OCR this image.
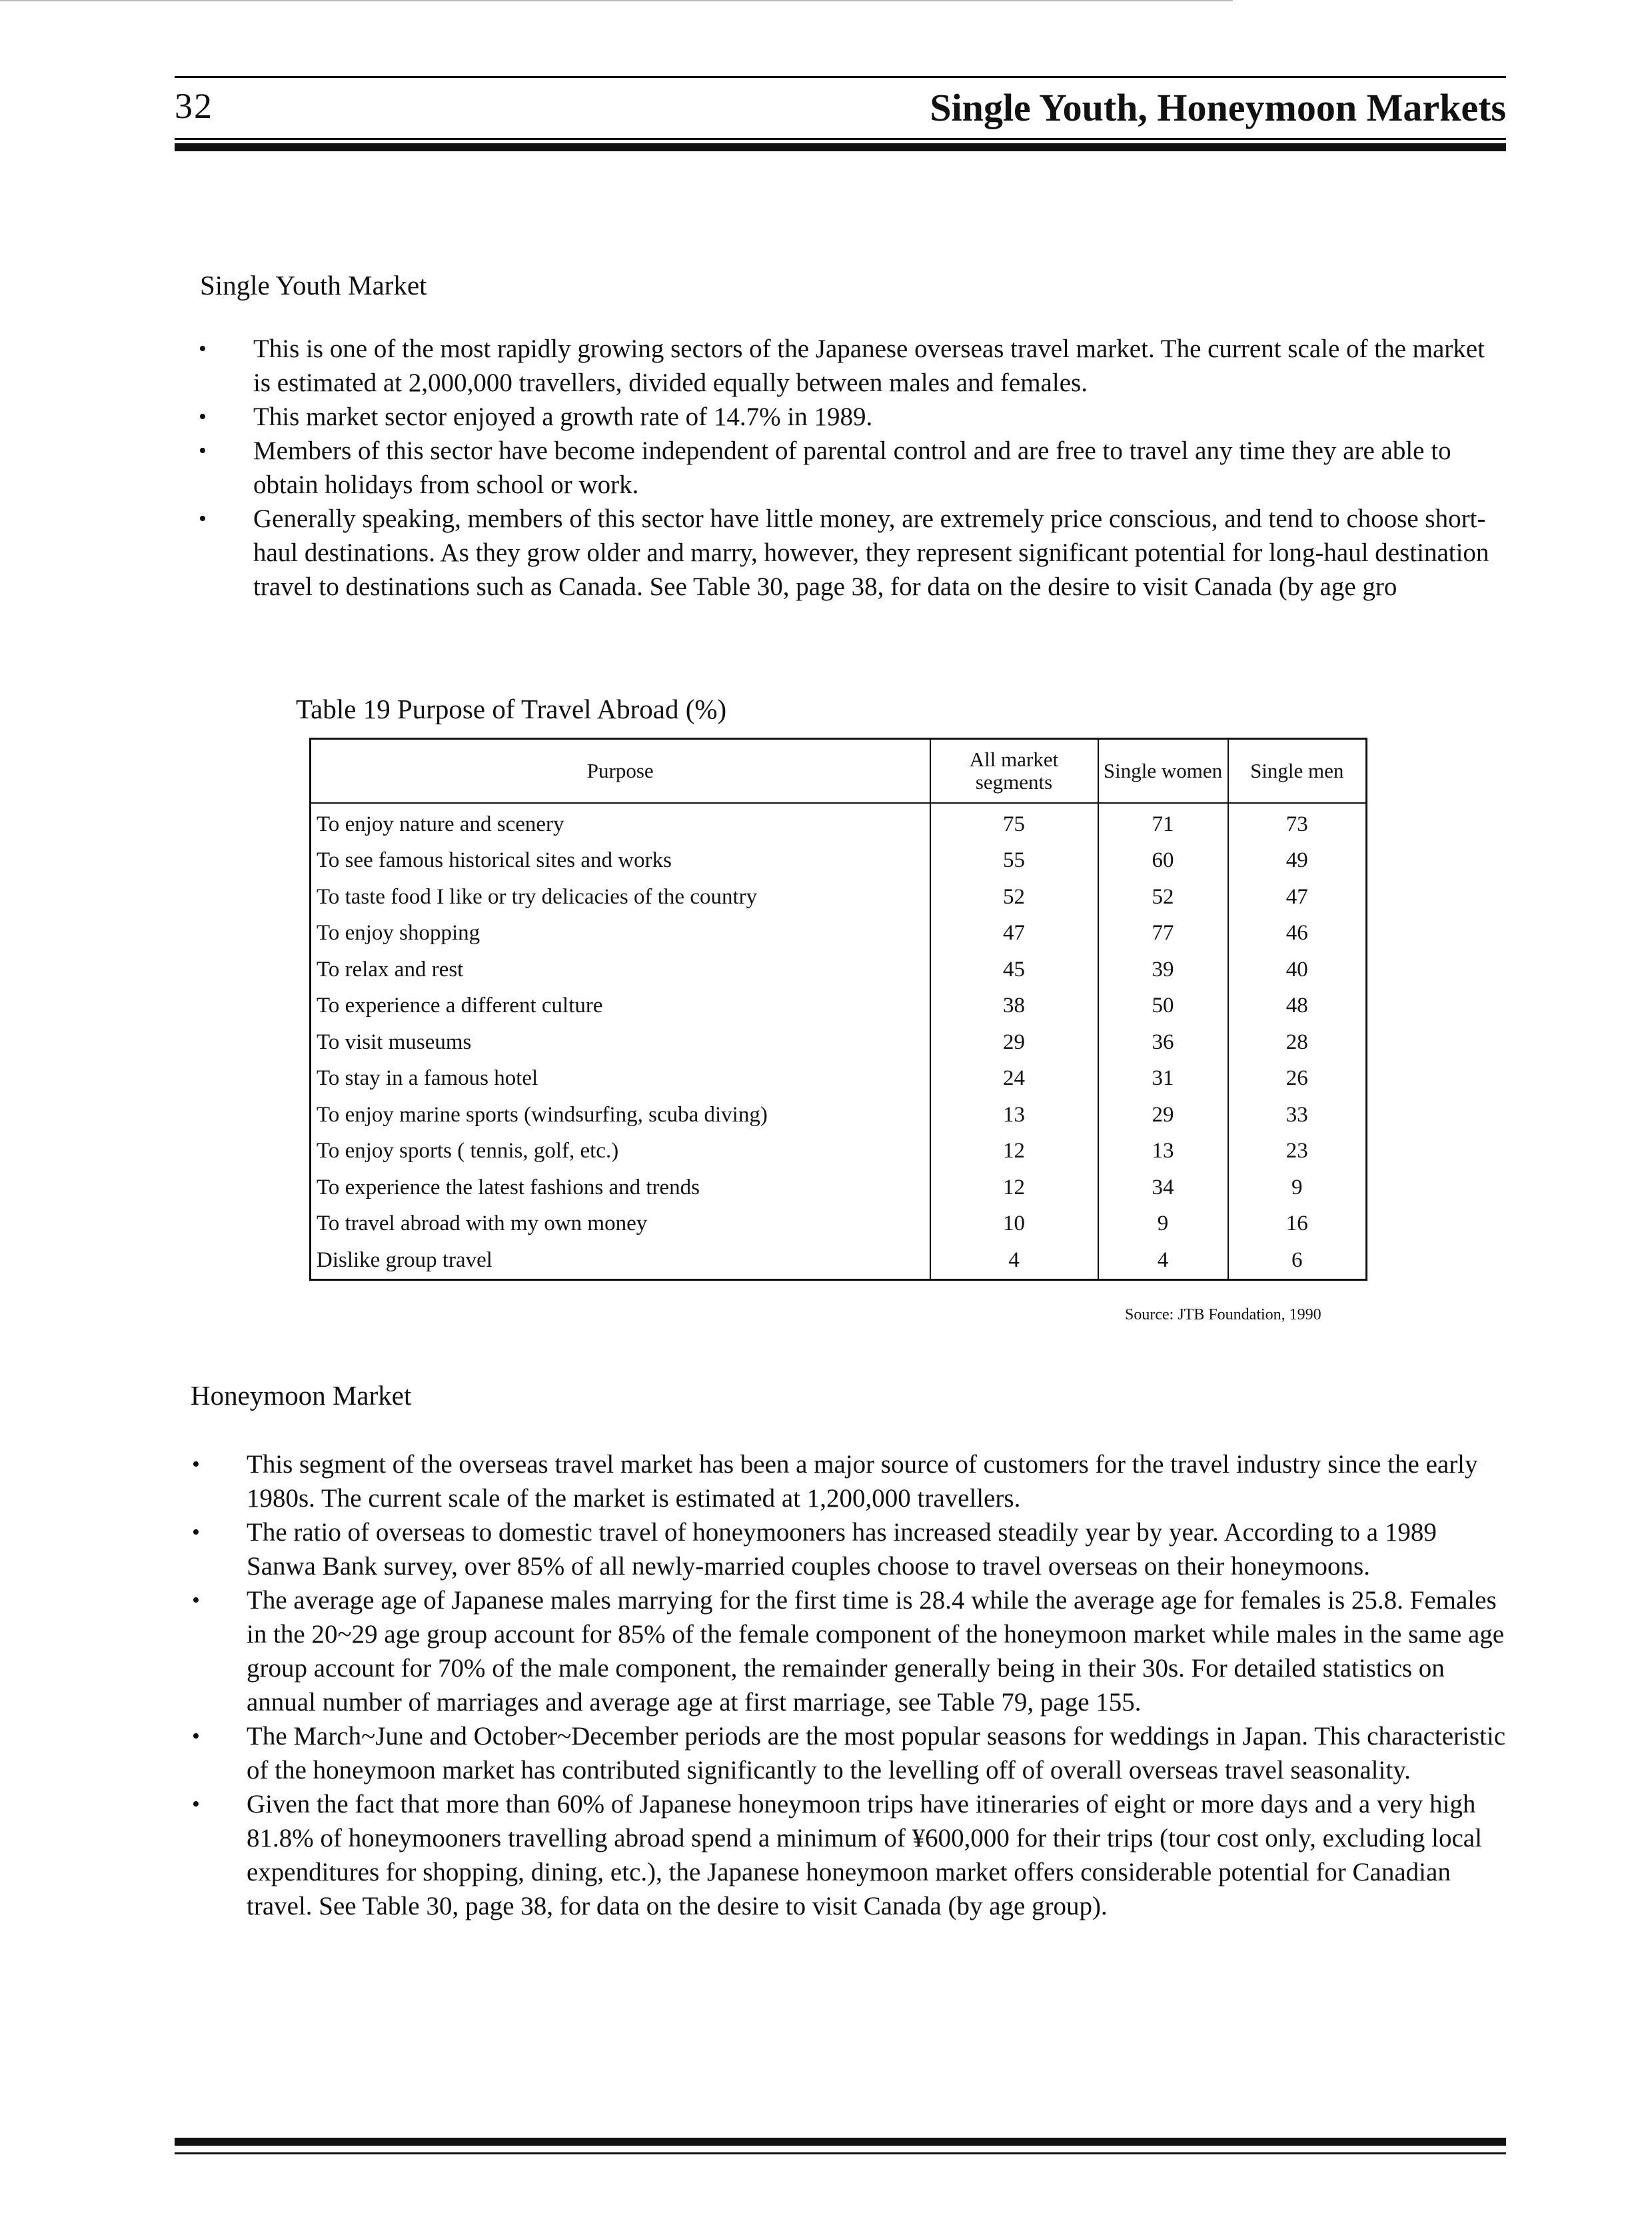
32	Single Youth, Honeymoon Markets
Single Youth Market
•	This is one of the most rapidly growing sectors of the Japanese overseas travel market. The current scale of the market is estimated at 2,000,000 travellers, divided equally between males and females.
•	This market sector enjoyed a growth rate of 14.7% in 1989.
•	Members of this sector have become independent of parental control and are free to travel any time they are able to obtain holidays from school or work.
•	Generally speaking, members of this sector have little money, are extremely price conscious, and tend to choose short-haul destinations. As they grow older and marry, however, they represent significant potential for long-haul destination travel to destinations such as Canada. See Table 30, page 38, for data on the desire to visit Canada (by age gro
Table 19 Purpose of Travel Abroad (%)
Purpose	All market segments	Single women	Single men
To enjoy nature and scenery	75	71	73
To see famous historical sites and works	55	60	49
To taste food I like or try delicacies of the country	52	52	47
To enjoy shopping	47	77	46
To relax and rest	45	39	40
To experience a different culture	38	50	48
To visit museums	29	36	28
To stay in a famous hotel	24	31	26
To enjoy marine sports (windsurfing, scuba diving)	13	29	33
To enjoy sports ( tennis, golf, etc.)	12	13	23
To experience the latest fashions and trends	12	34	9
To travel abroad with my own money	10	9	16
Dislike group travel	4	4	6
Source: JTB Foundation, 1990
Honeymoon Market
•	This segment of the overseas travel market has been a major source of customers for the travel industry since the early 1980s. The current scale of the market is estimated at 1,200,000 travellers.
•	The ratio of overseas to domestic travel of honeymooners has increased steadily year by year. According to a 1989 Sanwa Bank survey, over 85% of all newly-married couples choose to travel overseas on their honeymoons.
•	The average age of Japanese males marrying for the first time is 28.4 while the average age for females is 25.8. Females in the 20~29 age group account for 85% of the female component of the honeymoon market while males in the same age group account for 70% of the male component, the remainder generally being in their 30s. For detailed statistics on annual number of marriages and average age at first marriage, see Table 79, page 155.
•	The March~June and October~December periods are the most popular seasons for weddings in Japan. This characteristic of the honeymoon market has contributed significantly to the levelling off of overall overseas travel seasonality.
•	Given the fact that more than 60% of Japanese honeymoon trips have itineraries of eight or more days and a very high 81.8% of honeymooners travelling abroad spend a minimum of ¥600,000 for their trips (tour cost only, excluding local expenditures for shopping, dining, etc.), the Japanese honeymoon market offers considerable potential for Canadian travel. See Table 30, page 38, for data on the desire to visit Canada (by age group).
